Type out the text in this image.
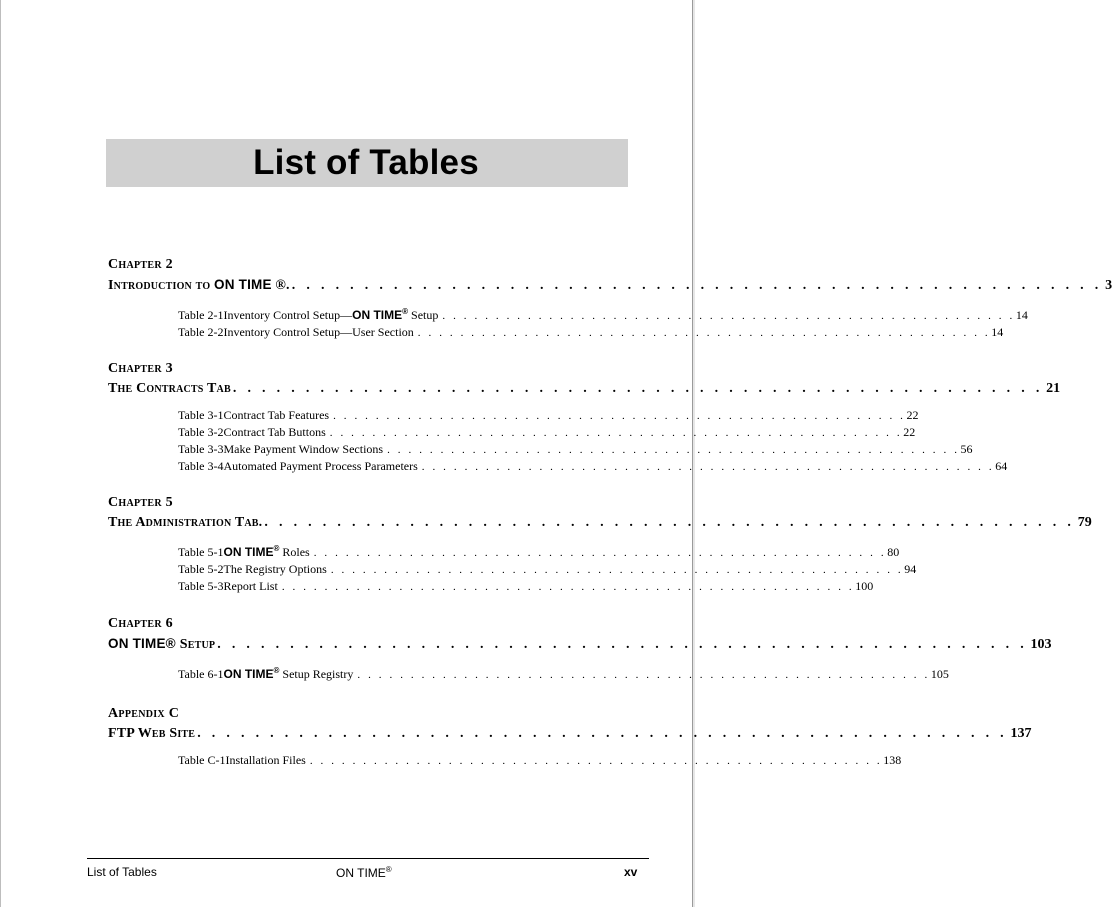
List of Tables
Chapter 2
Introduction to ON TIME ®. . . . . . . . . . . . . . . . . . . . . . . . . . . . . . . . . . . . . . . . . . . . . . . . . . . . . . . . . 3
Table 2-1 Inventory Control Setup—ON TIME® Setup . . . . . . . . . . . . . . . . . . . . . . . . . . . . . . . . . . . . . . . . . . . . . . . . . . . . . . 14
Table 2-2 Inventory Control Setup—User Section . . . . . . . . . . . . . . . . . . . . . . . . . . . . . . . . . . . . . . . . . . . . . . . . . . . . . . 14
Chapter 3
The Contracts Tab . . . . . . . . . . . . . . . . . . . . . . . . . . . . . . . . . . . . . . . . . . . . . . . . . . . . . . . . 21
Table 3-1 Contract Tab Features . . . . . . . . . . . . . . . . . . . . . . . . . . . . . . . . . . . . . . . . . . . . . . . . . . . . . . 22
Table 3-2 Contract Tab Buttons . . . . . . . . . . . . . . . . . . . . . . . . . . . . . . . . . . . . . . . . . . . . . . . . . . . . . . 22
Table 3-3 Make Payment Window Sections . . . . . . . . . . . . . . . . . . . . . . . . . . . . . . . . . . . . . . . . . . . . . . . . . . . . . . 56
Table 3-4 Automated Payment Process Parameters . . . . . . . . . . . . . . . . . . . . . . . . . . . . . . . . . . . . . . . . . . . . . . . . . . . . . . 64
Chapter 5
The Administration Tab. . . . . . . . . . . . . . . . . . . . . . . . . . . . . . . . . . . . . . . . . . . . . . . . . . . . . . . . . 79
Table 5-1 ON TIME® Roles . . . . . . . . . . . . . . . . . . . . . . . . . . . . . . . . . . . . . . . . . . . . . . . . . . . . . . 80
Table 5-2 The Registry Options . . . . . . . . . . . . . . . . . . . . . . . . . . . . . . . . . . . . . . . . . . . . . . . . . . . . . . 94
Table 5-3 Report List . . . . . . . . . . . . . . . . . . . . . . . . . . . . . . . . . . . . . . . . . . . . . . . . . . . . . . 100
Chapter 6
ON TIME® Setup . . . . . . . . . . . . . . . . . . . . . . . . . . . . . . . . . . . . . . . . . . . . . . . . . . . . . . . . 103
Table 6-1 ON TIME® Setup Registry . . . . . . . . . . . . . . . . . . . . . . . . . . . . . . . . . . . . . . . . . . . . . . . . . . . . . . 105
Appendix C
FTP Web Site . . . . . . . . . . . . . . . . . . . . . . . . . . . . . . . . . . . . . . . . . . . . . . . . . . . . . . . . 137
Table C-1 Installation Files . . . . . . . . . . . . . . . . . . . . . . . . . . . . . . . . . . . . . . . . . . . . . . . . . . . . . . 138
List of Tables	ON TIME®	xv
